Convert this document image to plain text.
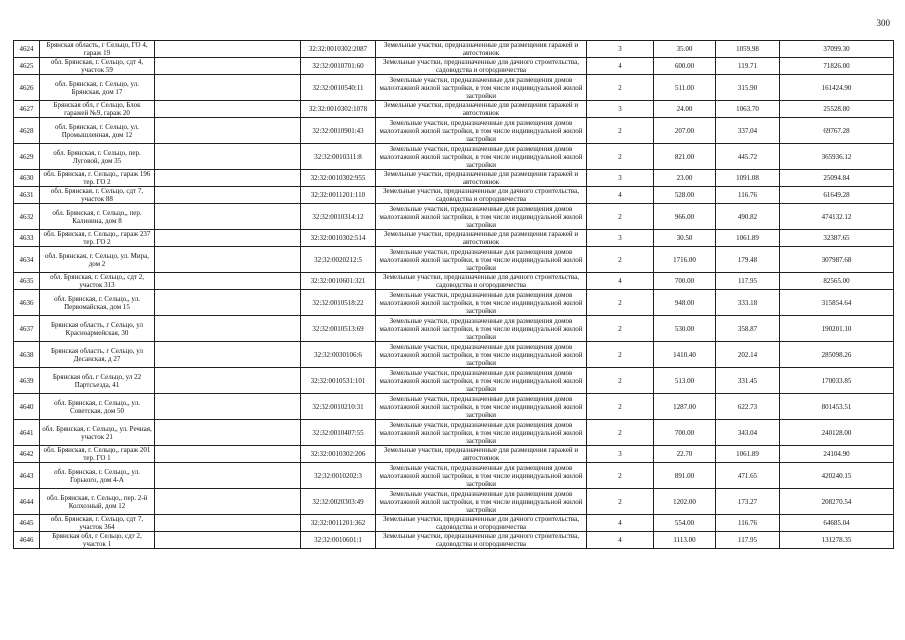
300
4624	Брянская область, г Сельцо, ГО 4, гараж 19		32:32:0010302:2087	Земельные участки, предназначенные для размещения гаражей и автостоянок	3	35.00	1059.98	37099.30
4625	обл. Брянская, г. Сельцо, сдт 4, участок 59		32:32:0010701:60	Земельные участки, предназначенные для дачного строительства, садоводства и огородничества	4	600.00	119.71	71826.00
4626	обл. Брянская, г. Сельцо, ул. Брянская, дом 17		32:32:0010540:11	Земельные участки, предназначенные для размещения домов малоэтажной жилой застройки, в том числе индивидуальной жилой застройки	2	511.00	315.90	161424.90
4627	Брянская обл, г Сельцо, Блок гаражей №9, гараж 20		32:32:0010302:1078	Земельные участки, предназначенные для размещения гаражей и автостоянок	3	24.00	1063.70	25528.80
4628	обл. Брянская, г. Сельцо, ул. Промышленная, дом 12		32:32:0010901:43	Земельные участки, предназначенные для размещения домов малоэтажной жилой застройки, в том числе индивидуальной жилой застройки	2	207.00	337.04	69767.28
4629	обл. Брянская, г. Сельцо, пер. Луговой, дом 35		32:32:0010311:8	Земельные участки, предназначенные для размещения домов малоэтажной жилой застройки, в том числе индивидуальной жилой застройки	2	821.00	445.72	365936.12
4630	обл. Брянская, г. Сельцо,, гараж 196 тер. ГО 2		32:32:0010302:955	Земельные участки, предназначенные для размещения гаражей и автостоянок	3	23.00	1091.08	25094.84
4631	обл. Брянская, г. Сельцо, сдт 7, участок 88		32:32:0011201:110	Земельные участки, предназначенные для дачного строительства, садоводства и огородничества	4	528.00	116.76	61649.28
4632	обл. Брянская, г. Сельцо,, пер. Калинина, дом 8		32:32:0010314:12	Земельные участки, предназначенные для размещения домов малоэтажной жилой застройки, в том числе индивидуальной жилой застройки	2	966.00	490.82	474132.12
4633	обл. Брянская, г. Сельцо,, гараж 237 тер. ГО 2		32:32:0010302:514	Земельные участки, предназначенные для размещения гаражей и автостоянок	3	30.50	1061.89	32387.65
4634	обл. Брянская, г. Сельцо, ул. Мира, дом 2		32:32:0020212:5	Земельные участки, предназначенные для размещения домов малоэтажной жилой застройки, в том числе индивидуальной жилой застройки	2	1716.00	179.48	307987.68
4635	обл. Брянская, г. Сельцо,, сдт 2, участок 313		32:32:0010601:321	Земельные участки, предназначенные для дачного строительства, садоводства и огородничества	4	700.00	117.95	82565.00
4636	обл. Брянская, г. Сельцо,, ул. Первомайская, дом 15		32:32:0010518:22	Земельные участки, предназначенные для размещения домов малоэтажной жилой застройки, в том числе индивидуальной жилой застройки	2	948.00	333.18	315854.64
4637	Брянская область, г Сельцо, ул Красноармейская, 30		32:32:0010513:69	Земельные участки, предназначенные для размещения домов малоэтажной жилой застройки, в том числе индивидуальной жилой застройки	2	530.00	358.87	190201.10
4638	Брянская область, г Сельцо, ул Десанская, д 27		32:32:0030106:6	Земельные участки, предназначенные для размещения домов малоэтажной жилой застройки, в том числе индивидуальной жилой застройки	2	1410.40	202.14	285098.26
4639	Брянская обл, г Сельцо, ул 22 Партсъезда, 41		32:32:0010531:101	Земельные участки, предназначенные для размещения домов малоэтажной жилой застройки, в том числе индивидуальной жилой застройки	2	513.00	331.45	170033.85
4640	обл. Брянская, г. Сельцо,, ул. Советская, дом 50		32:32:0010210:31	Земельные участки, предназначенные для размещения домов малоэтажной жилой застройки, в том числе индивидуальной жилой застройки	2	1287.00	622.73	801453.51
4641	обл. Брянская, г. Сельцо,, ул. Речная, участок 21		32:32:0010407:55	Земельные участки, предназначенные для размещения домов малоэтажной жилой застройки, в том числе индивидуальной жилой застройки	2	700.00	343.04	240128.00
4642	обл. Брянская, г. Сельцо,, гараж 201 тер. ГО 1		32:32:0010302:206	Земельные участки, предназначенные для размещения гаражей и автостоянок	3	22.70	1061.89	24104.90
4643	обл. Брянская, г. Сельцо,, ул. Горького, дом 4-А		32:32:0010202:3	Земельные участки, предназначенные для размещения домов малоэтажной жилой застройки, в том числе индивидуальной жилой застройки	2	891.00	471.65	420240.15
4644	обл. Брянская, г. Сельцо,, пер. 2-й Колхозный, дом 12		32:32:0020303:49	Земельные участки, предназначенные для размещения домов малоэтажной жилой застройки, в том числе индивидуальной жилой застройки	2	1202.00	173.27	208270.54
4645	обл. Брянская, г. Сельцо, сдт 7, участок 364		32:32:0011201:362	Земельные участки, предназначенные для дачного строительства, садоводства и огородничества	4	554.00	116.76	64685.04
4646	Брянская обл, г Сельцо, сдт 2, участок 1		32:32:0010601:1	Земельные участки, предназначенные для дачного строительства, садоводства и огородничества	4	1113.00	117.95	131278.35
